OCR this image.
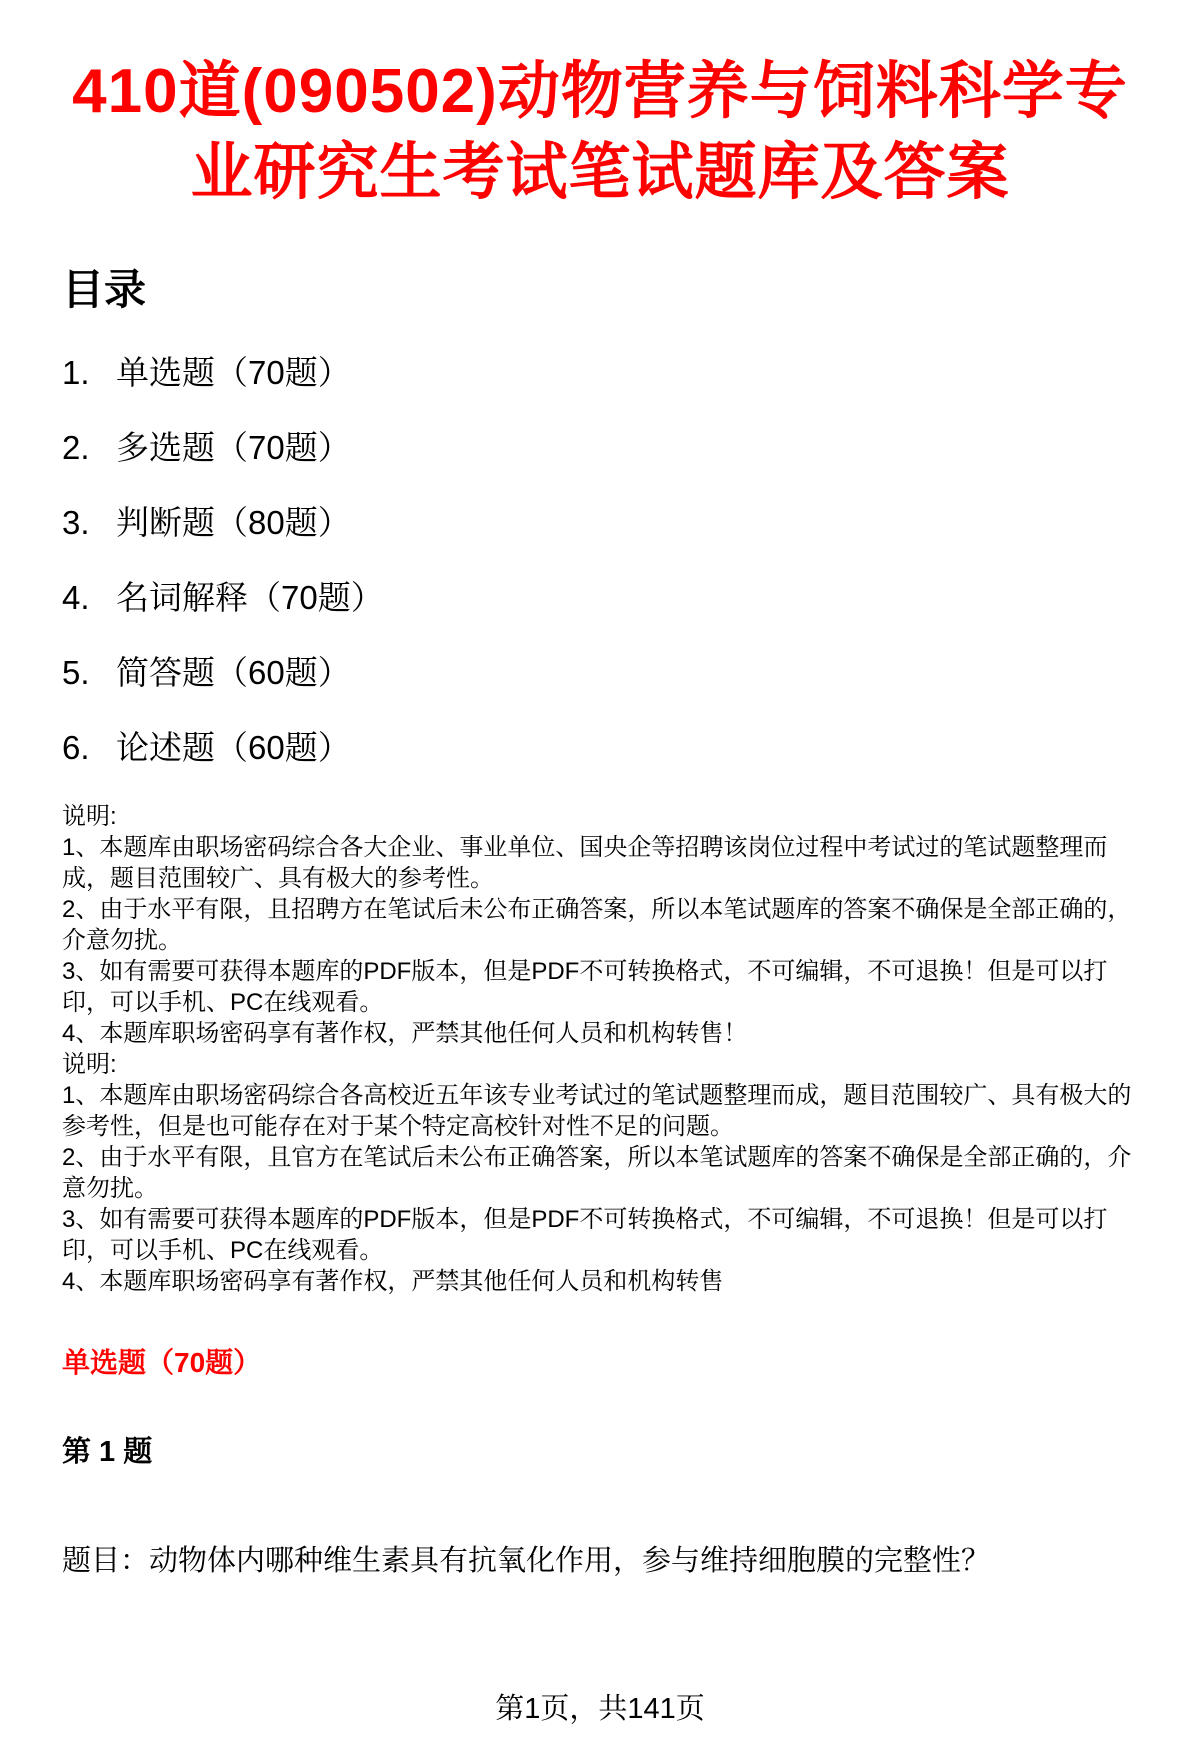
410道(090502)动物营养与饲料科学专业研究生考试笔试题库及答案
目录
1. 单选题（70题）
2. 多选题（70题）
3. 判断题（80题）
4. 名词解释（70题）
5. 简答题（60题）
6. 论述题（60题）

说明:

1、本题库由职场密码综合各大企业、事业单位、国央企等招聘该岗位过程中考试过的笔试题整理而成，题目范围较广、具有极大的参考性。

2、由于水平有限，且招聘方在笔试后未公布正确答案，所以本笔试题库的答案不确保是全部正确的，介意勿扰。

3、如有需要可获得本题库的PDF版本，但是PDF不可转换格式，不可编辑，不可退换！但是可以打印，可以手机、PC在线观看。

4、本题库职场密码享有著作权，严禁其他任何人员和机构转售！

说明:

1、本题库由职场密码综合各高校近五年该专业考试过的笔试题整理而成，题目范围较广、具有极大的参考性，但是也可能存在对于某个特定高校针对性不足的问题。

2、由于水平有限，且官方在笔试后未公布正确答案，所以本笔试题库的答案不确保是全部正确的，介意勿扰。

3、如有需要可获得本题库的PDF版本，但是PDF不可转换格式，不可编辑，不可退换！但是可以打印，可以手机、PC在线观看。

4、本题库职场密码享有著作权，严禁其他任何人员和机构转售

单选题（70题）
第 1 题
题目：动物体内哪种维生素具有抗氧化作用，参与维持细胞膜的完整性？
第1页，共141页
